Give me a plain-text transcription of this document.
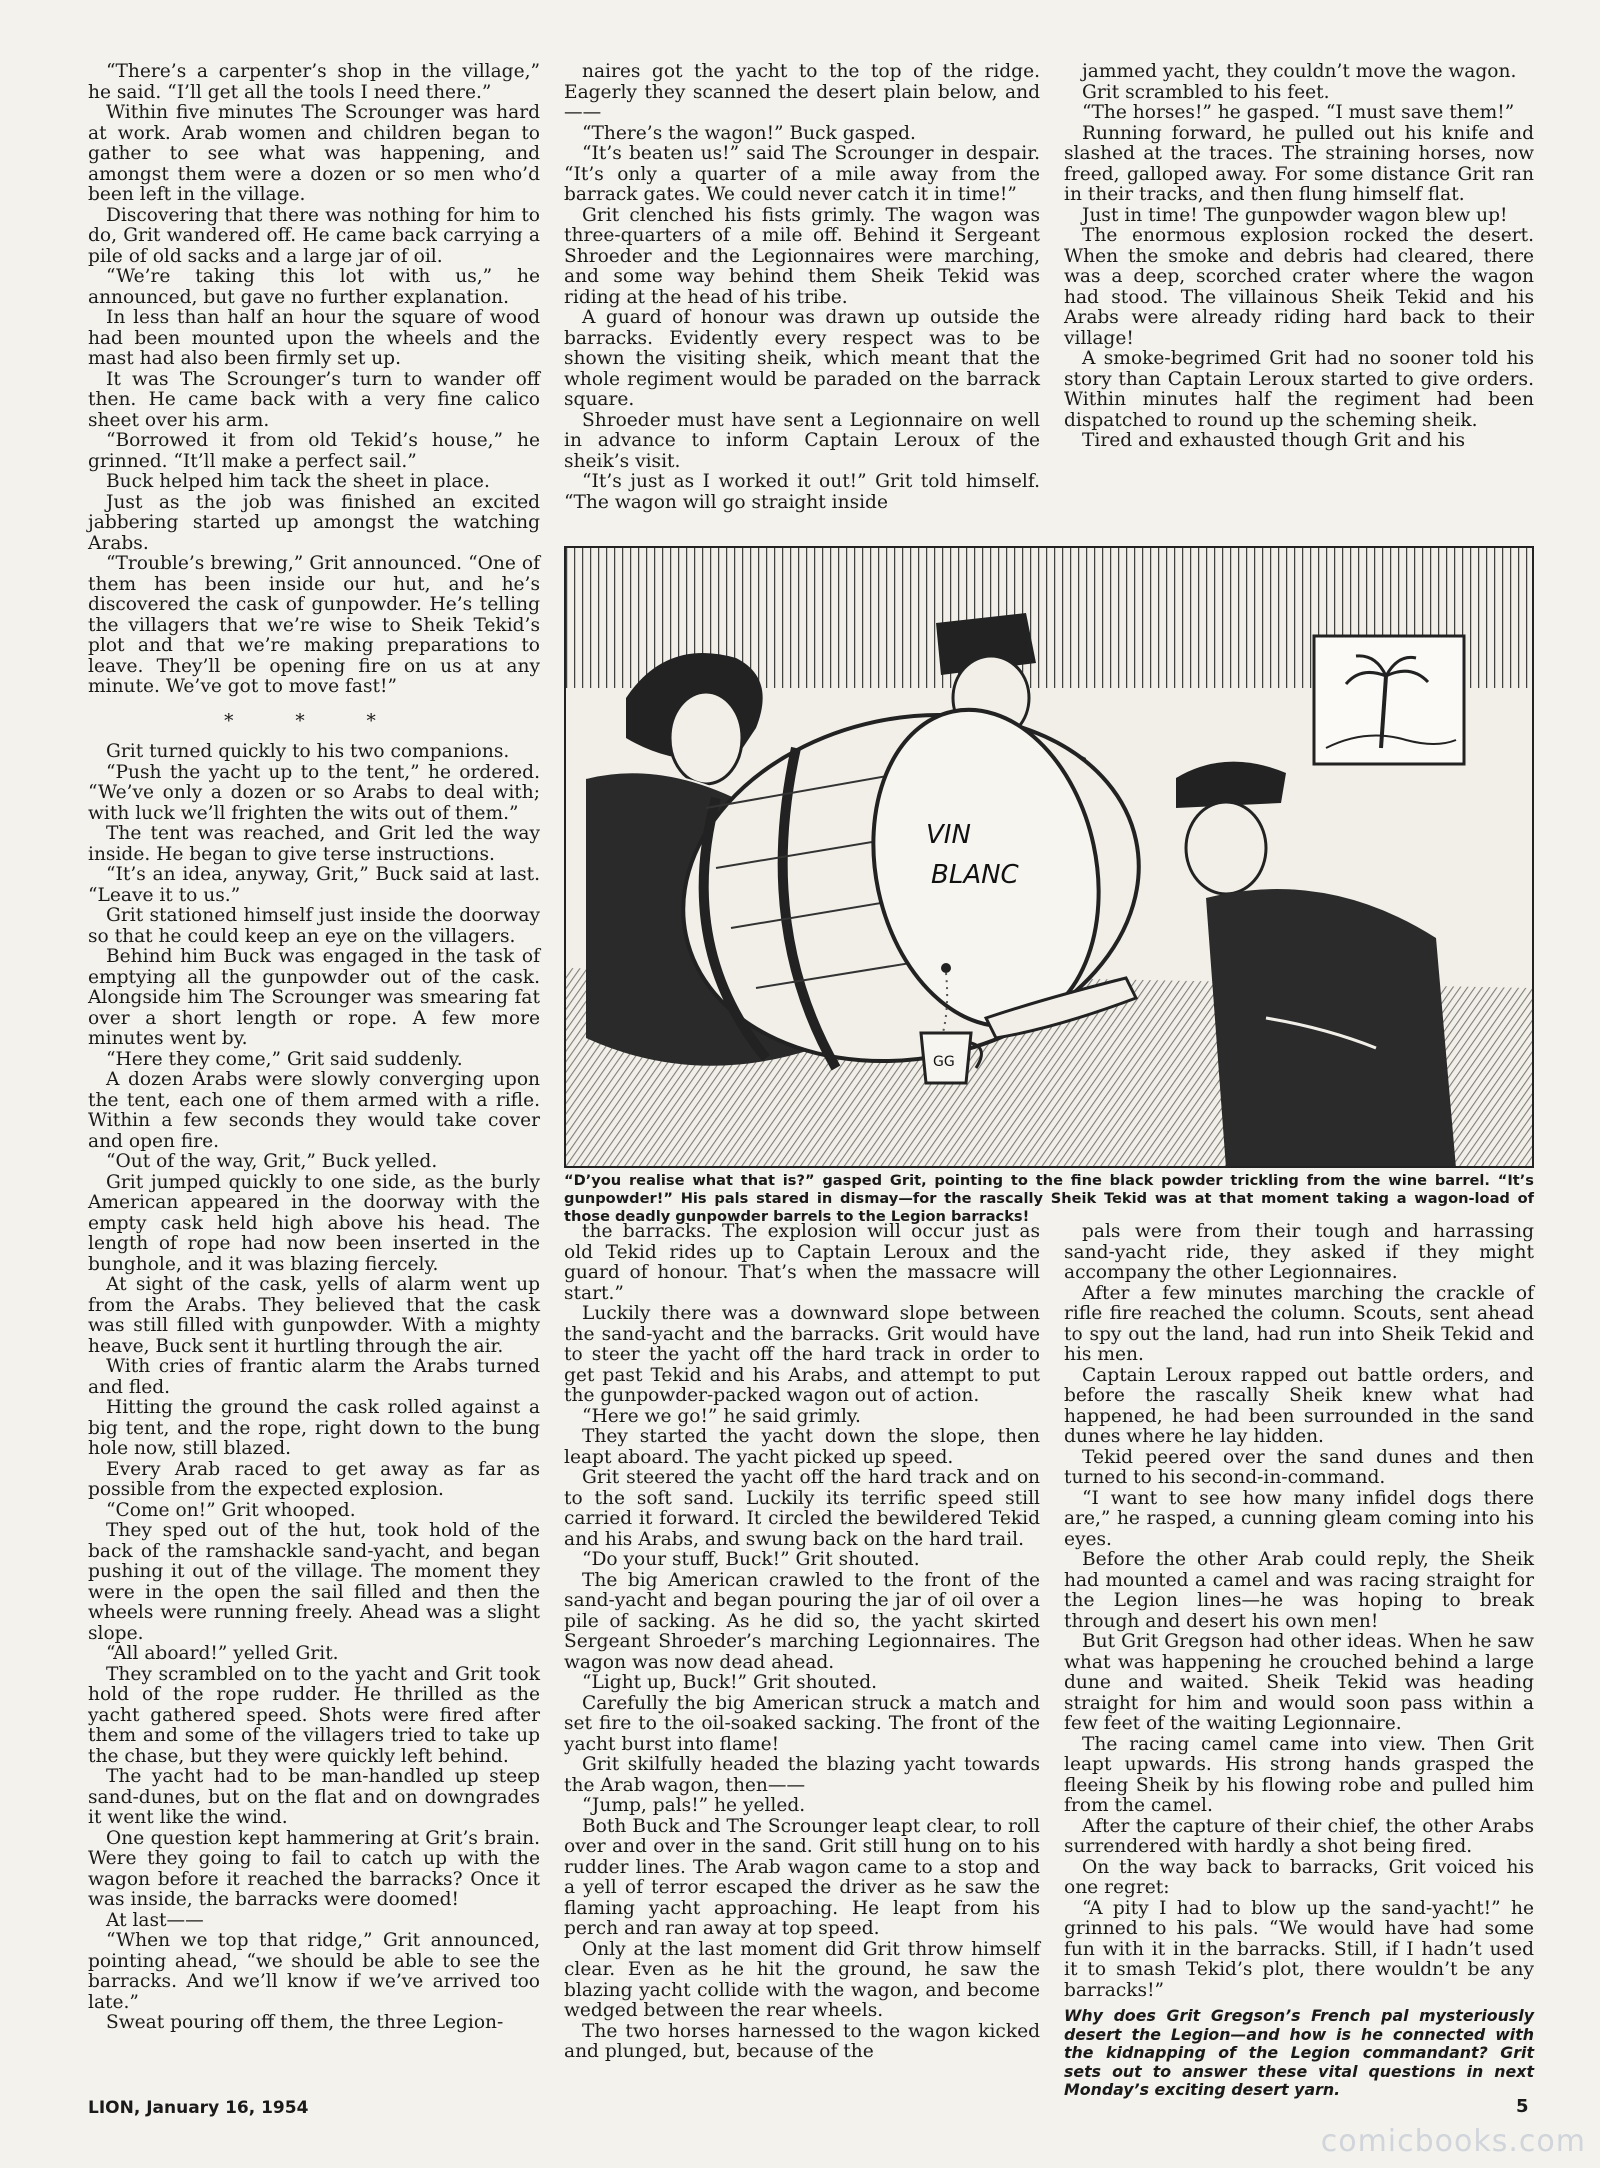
“There’s a carpenter’s shop in the village,” he said. “I’ll get all the tools I need there.”

Within five minutes The Scrounger was hard at work. Arab women and children began to gather to see what was happening, and amongst them were a dozen or so men who’d been left in the village.

Discovering that there was nothing for him to do, Grit wandered off. He came back carrying a pile of old sacks and a large jar of oil.

“We’re taking this lot with us,” he announced, but gave no further explanation.

In less than half an hour the square of wood had been mounted upon the wheels and the mast had also been firmly set up.

It was The Scrounger’s turn to wander off then. He came back with a very fine calico sheet over his arm.

“Borrowed it from old Tekid’s house,” he grinned. “It’ll make a perfect sail.”

Buck helped him tack the sheet in place.

Just as the job was finished an excited jabbering started up amongst the watching Arabs.

“Trouble’s brewing,” Grit announced. “One of them has been inside our hut, and he’s discovered the cask of gunpowder. He’s telling the villagers that we’re wise to Sheik Tekid’s plot and that we’re making preparations to leave. They’ll be opening fire on us at any minute. We’ve got to move fast!”

* * *

Grit turned quickly to his two companions.

“Push the yacht up to the tent,” he ordered. “We’ve only a dozen or so Arabs to deal with; with luck we’ll frighten the wits out of them.”

The tent was reached, and Grit led the way inside. He began to give terse instructions.

“It’s an idea, anyway, Grit,” Buck said at last. “Leave it to us.”

Grit stationed himself just inside the doorway so that he could keep an eye on the villagers.

Behind him Buck was engaged in the task of emptying all the gunpowder out of the cask. Alongside him The Scrounger was smearing fat over a short length or rope. A few more minutes went by.

“Here they come,” Grit said suddenly.

A dozen Arabs were slowly converging upon the tent, each one of them armed with a rifle. Within a few seconds they would take cover and open fire.

“Out of the way, Grit,” Buck yelled.

Grit jumped quickly to one side, as the burly American appeared in the doorway with the empty cask held high above his head. The length of rope had now been inserted in the bunghole, and it was blazing fiercely.

At sight of the cask, yells of alarm went up from the Arabs. They believed that the cask was still filled with gunpowder. With a mighty heave, Buck sent it hurtling through the air.

With cries of frantic alarm the Arabs turned and fled.

Hitting the ground the cask rolled against a big tent, and the rope, right down to the bung hole now, still blazed.

Every Arab raced to get away as far as possible from the expected explosion.

“Come on!” Grit whooped.

They sped out of the hut, took hold of the back of the ramshackle sand-yacht, and began pushing it out of the village. The moment they were in the open the sail filled and then the wheels were running freely. Ahead was a slight slope.

“All aboard!” yelled Grit.

They scrambled on to the yacht and Grit took hold of the rope rudder. He thrilled as the yacht gathered speed. Shots were fired after them and some of the villagers tried to take up the chase, but they were quickly left behind.

The yacht had to be man-handled up steep sand-dunes, but on the flat and on downgrades it went like the wind.

One question kept hammering at Grit’s brain. Were they going to fail to catch up with the wagon before it reached the barracks? Once it was inside, the barracks were doomed!

At last——

“When we top that ridge,” Grit announced, pointing ahead, “we should be able to see the barracks. And we’ll know if we’ve arrived too late.”

Sweat pouring off them, the three Legion-

naires got the yacht to the top of the ridge. Eagerly they scanned the desert plain below, and——

“There’s the wagon!” Buck gasped.

“It’s beaten us!” said The Scrounger in despair. “It’s only a quarter of a mile away from the barrack gates. We could never catch it in time!”

Grit clenched his fists grimly. The wagon was three-quarters of a mile off. Behind it Sergeant Shroeder and the Legionnaires were marching, and some way behind them Sheik Tekid was riding at the head of his tribe.

A guard of honour was drawn up outside the barracks. Evidently every respect was to be shown the visiting sheik, which meant that the whole regiment would be paraded on the barrack square.

Shroeder must have sent a Legionnaire on well in advance to inform Captain Leroux of the sheik’s visit.

“It’s just as I worked it out!” Grit told himself. “The wagon will go straight inside

jammed yacht, they couldn’t move the wagon.

Grit scrambled to his feet.

“The horses!” he gasped. “I must save them!”

Running forward, he pulled out his knife and slashed at the traces. The straining horses, now freed, galloped away. For some distance Grit ran in their tracks, and then flung himself flat.

Just in time! The gunpowder wagon blew up!

The enormous explosion rocked the desert. When the smoke and debris had cleared, there was a deep, scorched crater where the wagon had stood. The villainous Sheik Tekid and his Arabs were already riding hard back to their village!

A smoke-begrimed Grit had no sooner told his story than Captain Leroux started to give orders. Within minutes half the regiment had been dispatched to round up the scheming sheik.

Tired and exhausted though Grit and his

VIN
BLANC
GG
“D’you realise what that is?” gasped Grit, pointing to the fine black powder trickling from the wine barrel. “It’s gunpowder!” His pals stared in dismay—for the rascally Sheik Tekid was at that moment taking a wagon-load of those deadly gunpowder barrels to the Legion barracks!

the barracks. The explosion will occur just as old Tekid rides up to Captain Leroux and the guard of honour. That’s when the massacre will start.”

Luckily there was a downward slope between the sand-yacht and the barracks. Grit would have to steer the yacht off the hard track in order to get past Tekid and his Arabs, and attempt to put the gunpowder-packed wagon out of action.

“Here we go!” he said grimly.

They started the yacht down the slope, then leapt aboard. The yacht picked up speed.

Grit steered the yacht off the hard track and on to the soft sand. Luckily its terrific speed still carried it forward. It circled the bewildered Tekid and his Arabs, and swung back on the hard trail.

“Do your stuff, Buck!” Grit shouted.

The big American crawled to the front of the sand-yacht and began pouring the jar of oil over a pile of sacking. As he did so, the yacht skirted Sergeant Shroeder’s marching Legionnaires. The wagon was now dead ahead.

“Light up, Buck!” Grit shouted.

Carefully the big American struck a match and set fire to the oil-soaked sacking. The front of the yacht burst into flame!

Grit skilfully headed the blazing yacht towards the Arab wagon, then——

“Jump, pals!” he yelled.

Both Buck and The Scrounger leapt clear, to roll over and over in the sand. Grit still hung on to his rudder lines. The Arab wagon came to a stop and a yell of terror escaped the driver as he saw the flaming yacht approaching. He leapt from his perch and ran away at top speed.

Only at the last moment did Grit throw himself clear. Even as he hit the ground, he saw the blazing yacht collide with the wagon, and become wedged between the rear wheels.

The two horses harnessed to the wagon kicked and plunged, but, because of the

pals were from their tough and harrassing sand-yacht ride, they asked if they might accompany the other Legionnaires.

After a few minutes marching the crackle of rifle fire reached the column. Scouts, sent ahead to spy out the land, had run into Sheik Tekid and his men.

Captain Leroux rapped out battle orders, and before the rascally Sheik knew what had happened, he had been surrounded in the sand dunes where he lay hidden.

Tekid peered over the sand dunes and then turned to his second-in-command.

“I want to see how many infidel dogs there are,” he rasped, a cunning gleam coming into his eyes.

Before the other Arab could reply, the Sheik had mounted a camel and was racing straight for the Legion lines—he was hoping to break through and desert his own men!

But Grit Gregson had other ideas. When he saw what was happening he crouched behind a large dune and waited. Sheik Tekid was heading straight for him and would soon pass within a few feet of the waiting Legionnaire.

The racing camel came into view. Then Grit leapt upwards. His strong hands grasped the fleeing Sheik by his flowing robe and pulled him from the camel.

After the capture of their chief, the other Arabs surrendered with hardly a shot being fired.

On the way back to barracks, Grit voiced his one regret:

“A pity I had to blow up the sand-yacht!” he grinned to his pals. “We would have had some fun with it in the barracks. Still, if I hadn’t used it to smash Tekid’s plot, there wouldn’t be any barracks!”

Why does Grit Gregson’s French pal mysteriously desert the Legion—and how is he connected with the kidnapping of the Legion commandant? Grit sets out to answer these vital questions in next Monday’s exciting desert yarn.

LION, January 16, 1954	5
comicbooks.com
